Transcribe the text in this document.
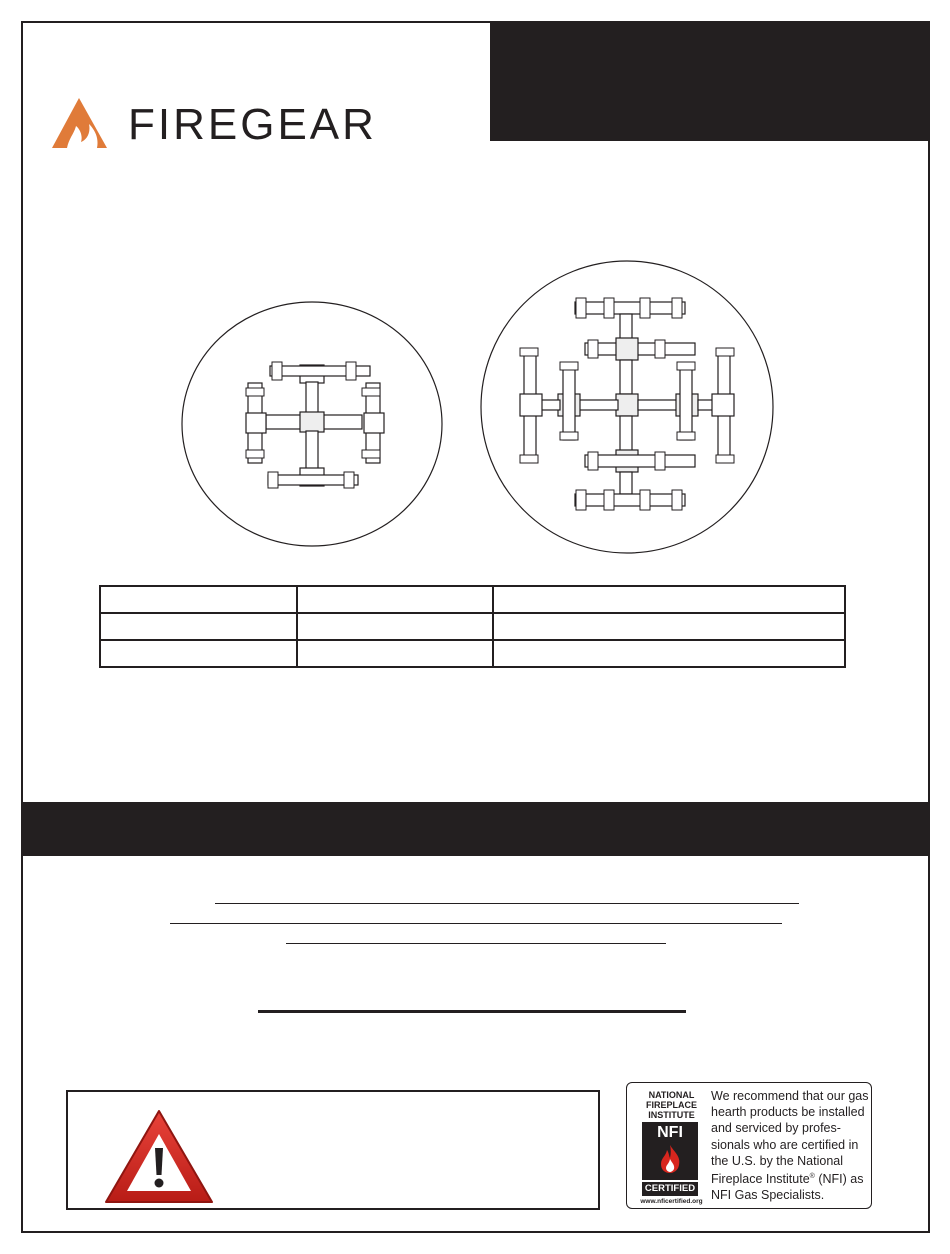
FIREGEAR

NATIONAL
FIREPLACE
INSTITUTE
NFI
CERTIFIED
www.nficertified.org
We recommend that our gas hearth products be installed and serviced by profes-sionals who are certified in the U.S. by the National Fireplace Institute® (NFI) as NFI Gas Specialists.
